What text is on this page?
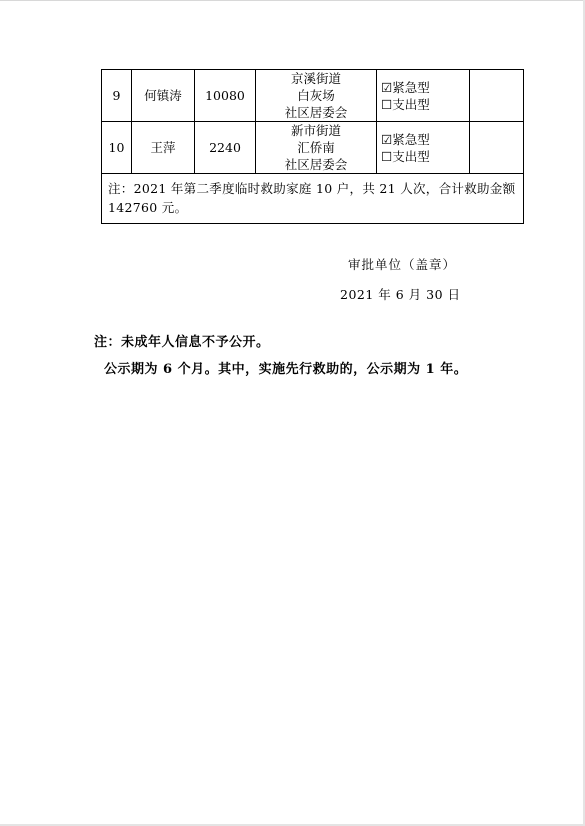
9	何镇涛	10080	京溪街道
白灰场
社区居委会	☑紧急型
☐支出型	

10	王萍	2240	新市街道
汇侨南
社区居委会	☑紧急型
☐支出型	

注：2021 年第二季度临时救助家庭 10 户，共 21 人次，合计救助金额 142760 元。					
审批单位（盖章）
2021 年 6 月 30 日
注：未成年人信息不予公开。
公示期为 6 个月。其中，实施先行救助的，公示期为 1 年。
